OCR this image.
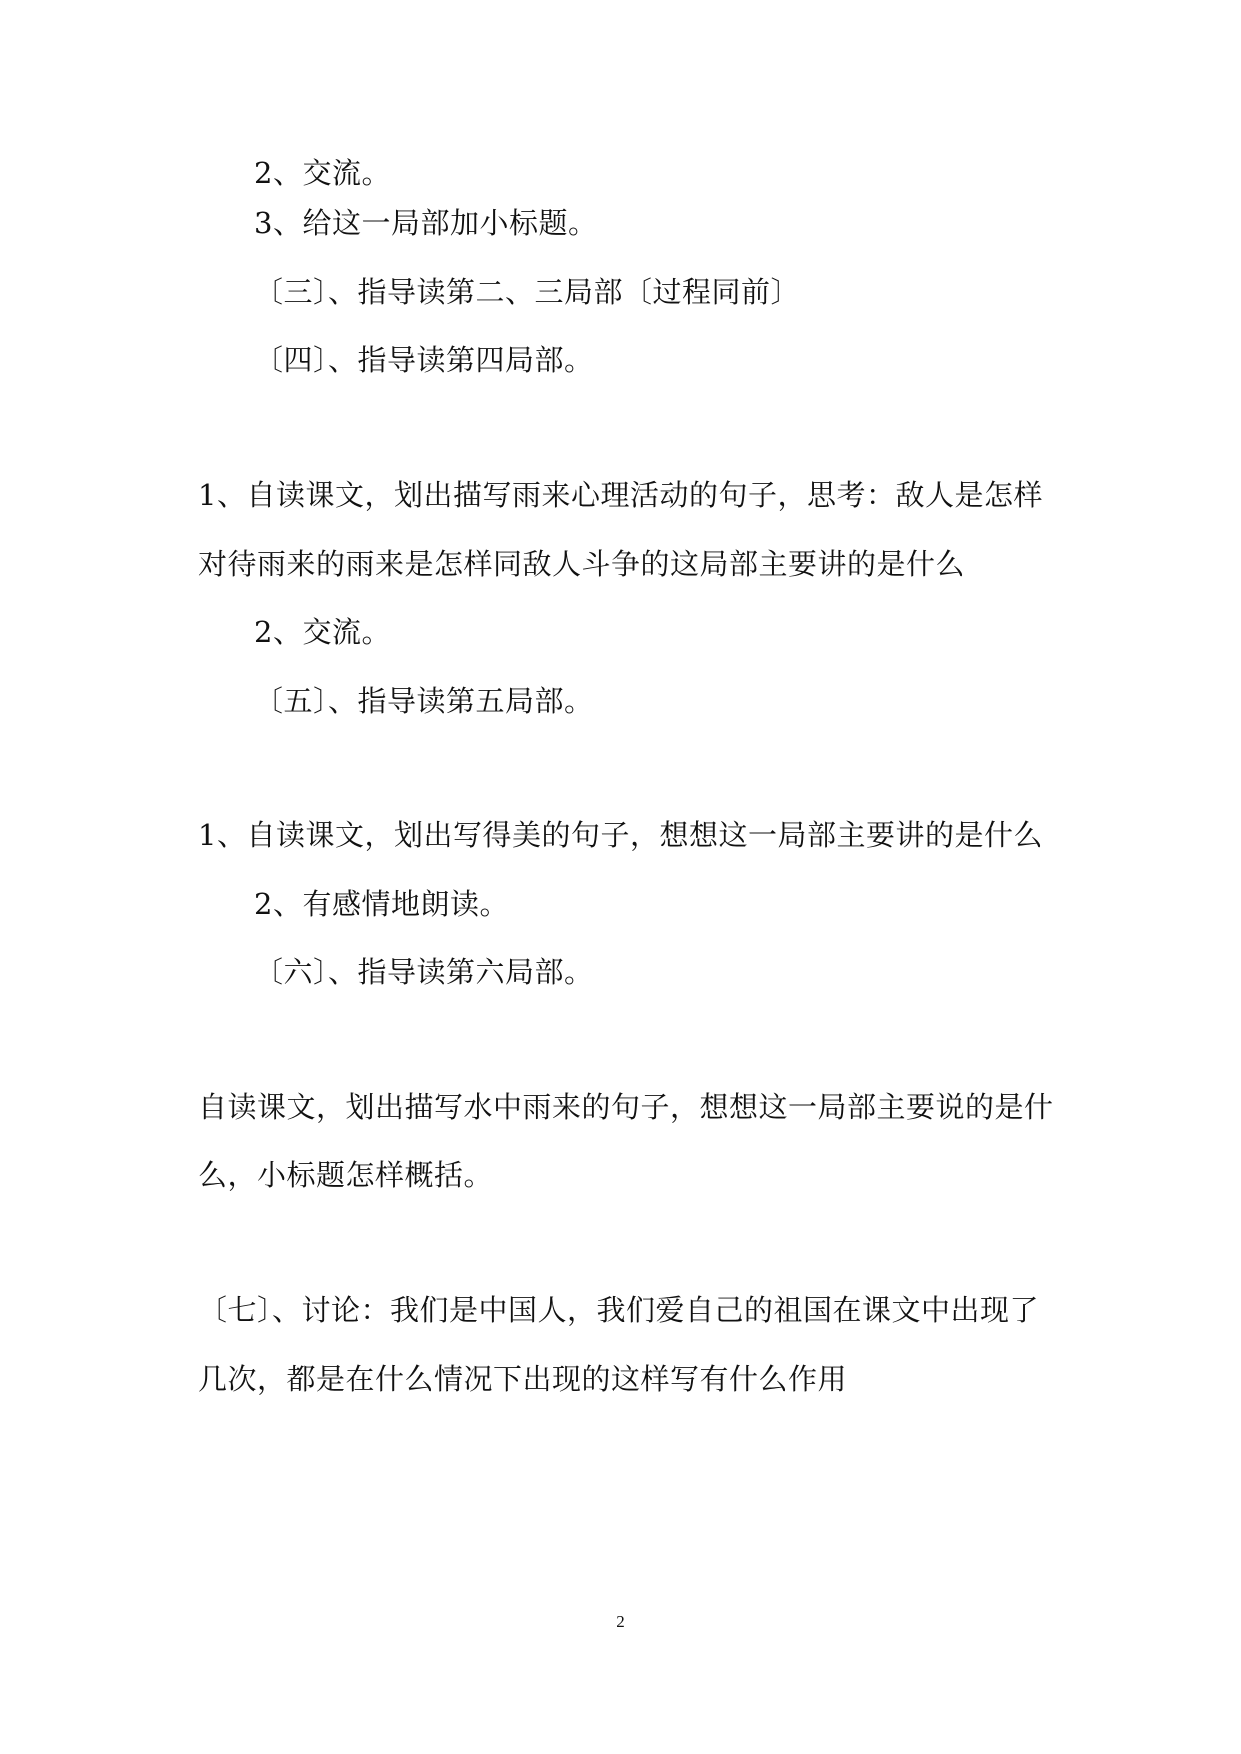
2、交流。
3、给这一局部加小标题。
〔三〕、指导读第二、三局部〔过程同前〕
〔四〕、指导读第四局部。
1、自读课文，划出描写雨来心理活动的句子，思考：敌人是怎样
对待雨来的雨来是怎样同敌人斗争的这局部主要讲的是什么
2、交流。
〔五〕、指导读第五局部。
1、自读课文，划出写得美的句子，想想这一局部主要讲的是什么
2、有感情地朗读。
〔六〕、指导读第六局部。
自读课文，划出描写水中雨来的句子，想想这一局部主要说的是什
么，小标题怎样概括。
〔七〕、讨论：我们是中国人，我们爱自己的祖国在课文中出现了
几次，都是在什么情况下出现的这样写有什么作用
2
